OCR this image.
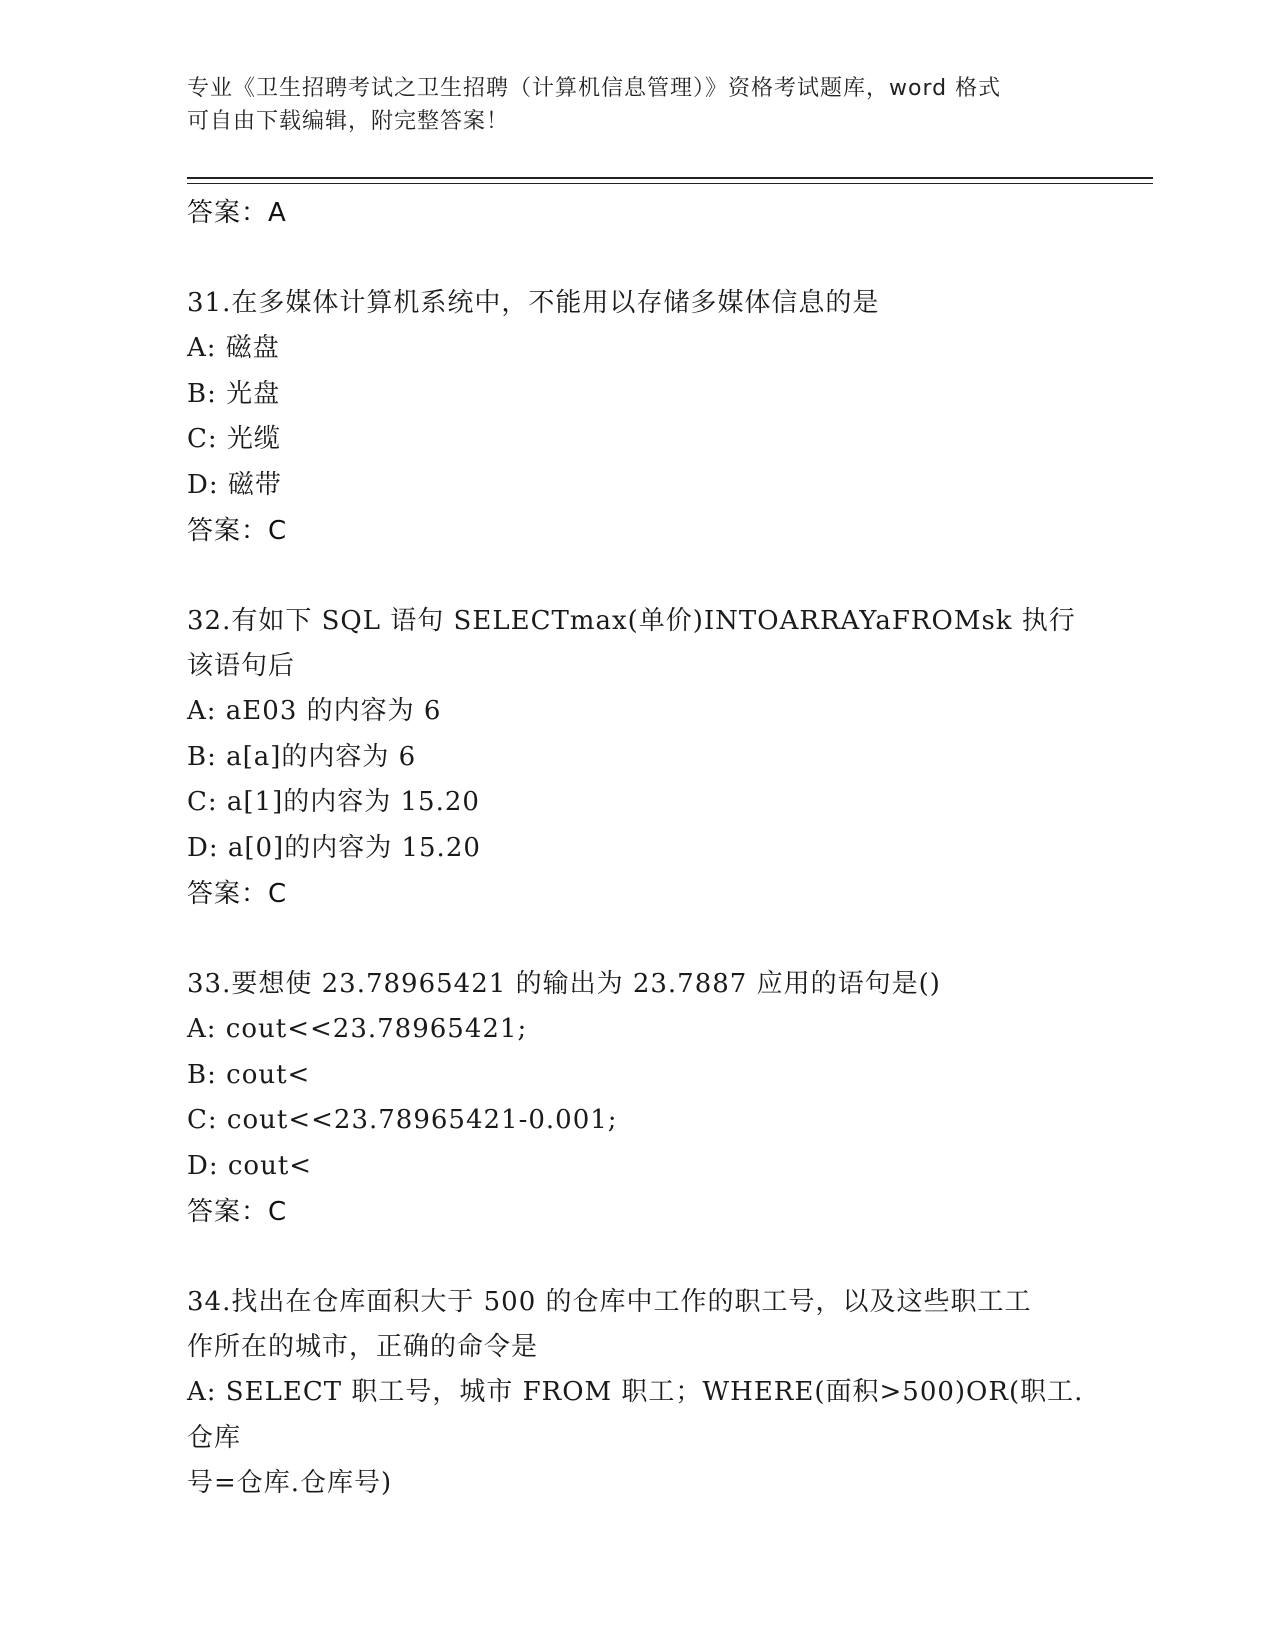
专业《卫生招聘考试之卫生招聘（计算机信息管理）》资格考试题库，word 格式
可自由下载编辑，附完整答案！
答案：A
31.在多媒体计算机系统中，不能用以存储多媒体信息的是
A: 磁盘
B: 光盘
C: 光缆
D: 磁带
答案：C
32.有如下 SQL 语句 SELECTmax(单价)INTOARRAYaFROMsk 执行该语句后
A: aE03 的内容为 6
B: a[a]的内容为 6
C: a[1]的内容为 15.20
D: a[0]的内容为 15.20
答案：C
33.要想使 23.78965421 的输出为 23.7887 应用的语句是()
A: cout<<23.78965421;
B: cout<
C: cout<<23.78965421-0.001;
D: cout<
答案：C
34.找出在仓库面积大于 500 的仓库中工作的职工号，以及这些职工工
作所在的城市，正确的命令是
A: SELECT 职工号，城市 FROM 职工；WHERE(面积>500)OR(职工.仓库
号=仓库.仓库号)
